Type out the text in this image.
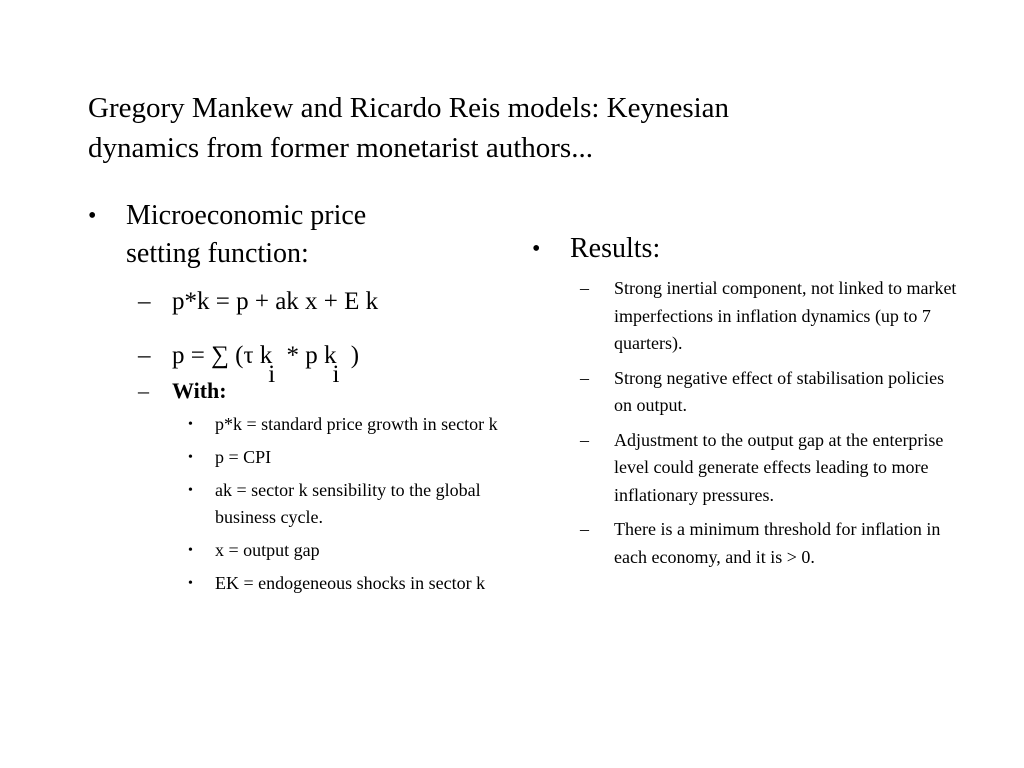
Gregory Mankew and Ricardo Reis models: Keynesian
dynamics from former monetarist authors...
• Microeconomic price
setting function:
– p*k = p + ak x + E k
– p = ∑ (τ ki * p ki )
– With:
• p*k = standard price growth in sector k
• p = CPI
• ak = sector k sensibility to the global business cycle.
• x = output gap
• EK = endogeneous shocks in sector k
• Results:
– Strong inertial component, not linked to market imperfections in inflation dynamics (up to 7 quarters).
– Strong negative effect of stabilisation policies on output.
– Adjustment to the output gap at the enterprise level could generate effects leading to more inflationary pressures.
– There is a minimum threshold for inflation in each economy, and it is > 0.
